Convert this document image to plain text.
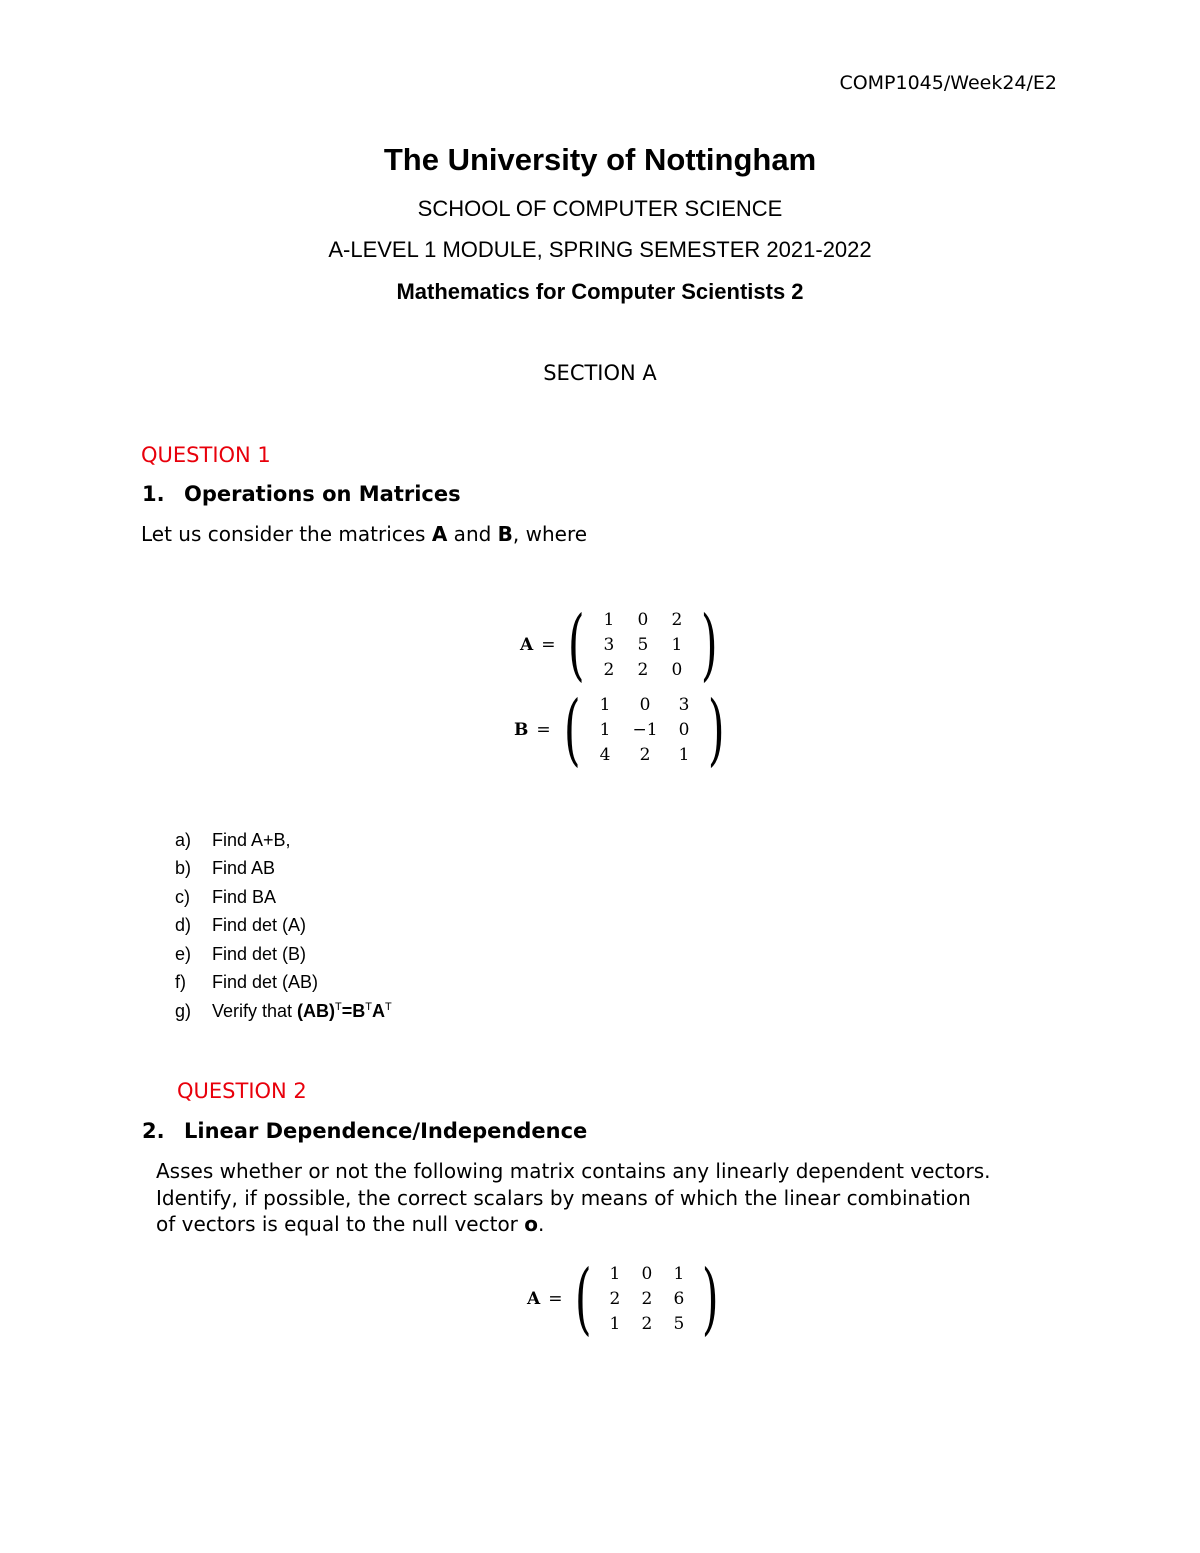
COMP1045/Week24/E2
The University of Nottingham
SCHOOL OF COMPUTER SCIENCE
A-LEVEL 1 MODULE, SPRING SEMESTER 2021-2022
Mathematics for Computer Scientists 2
SECTION A
QUESTION 1
1. Operations on Matrices
Let us consider the matrices A and B, where
A = (	1	0	2
3	5	1
2	2	0 )
B = (	1	0	3
1	−1	0
4	2	1 )
a)	Find A+B,
b)	Find AB
c)	Find BA
d)	Find det (A)
e)	Find det (B)
f)	Find det (AB)
g)	Verify that $(AB)^T=B^TA^T$
QUESTION 2
2. Linear Dependence/Independence
Asses whether or not the following matrix contains any linearly dependent vectors.
Identify, if possible, the correct scalars by means of which the linear combination
of vectors is equal to the null vector o.
A = (	1	0	1
2	2	6
1	2	5 )
